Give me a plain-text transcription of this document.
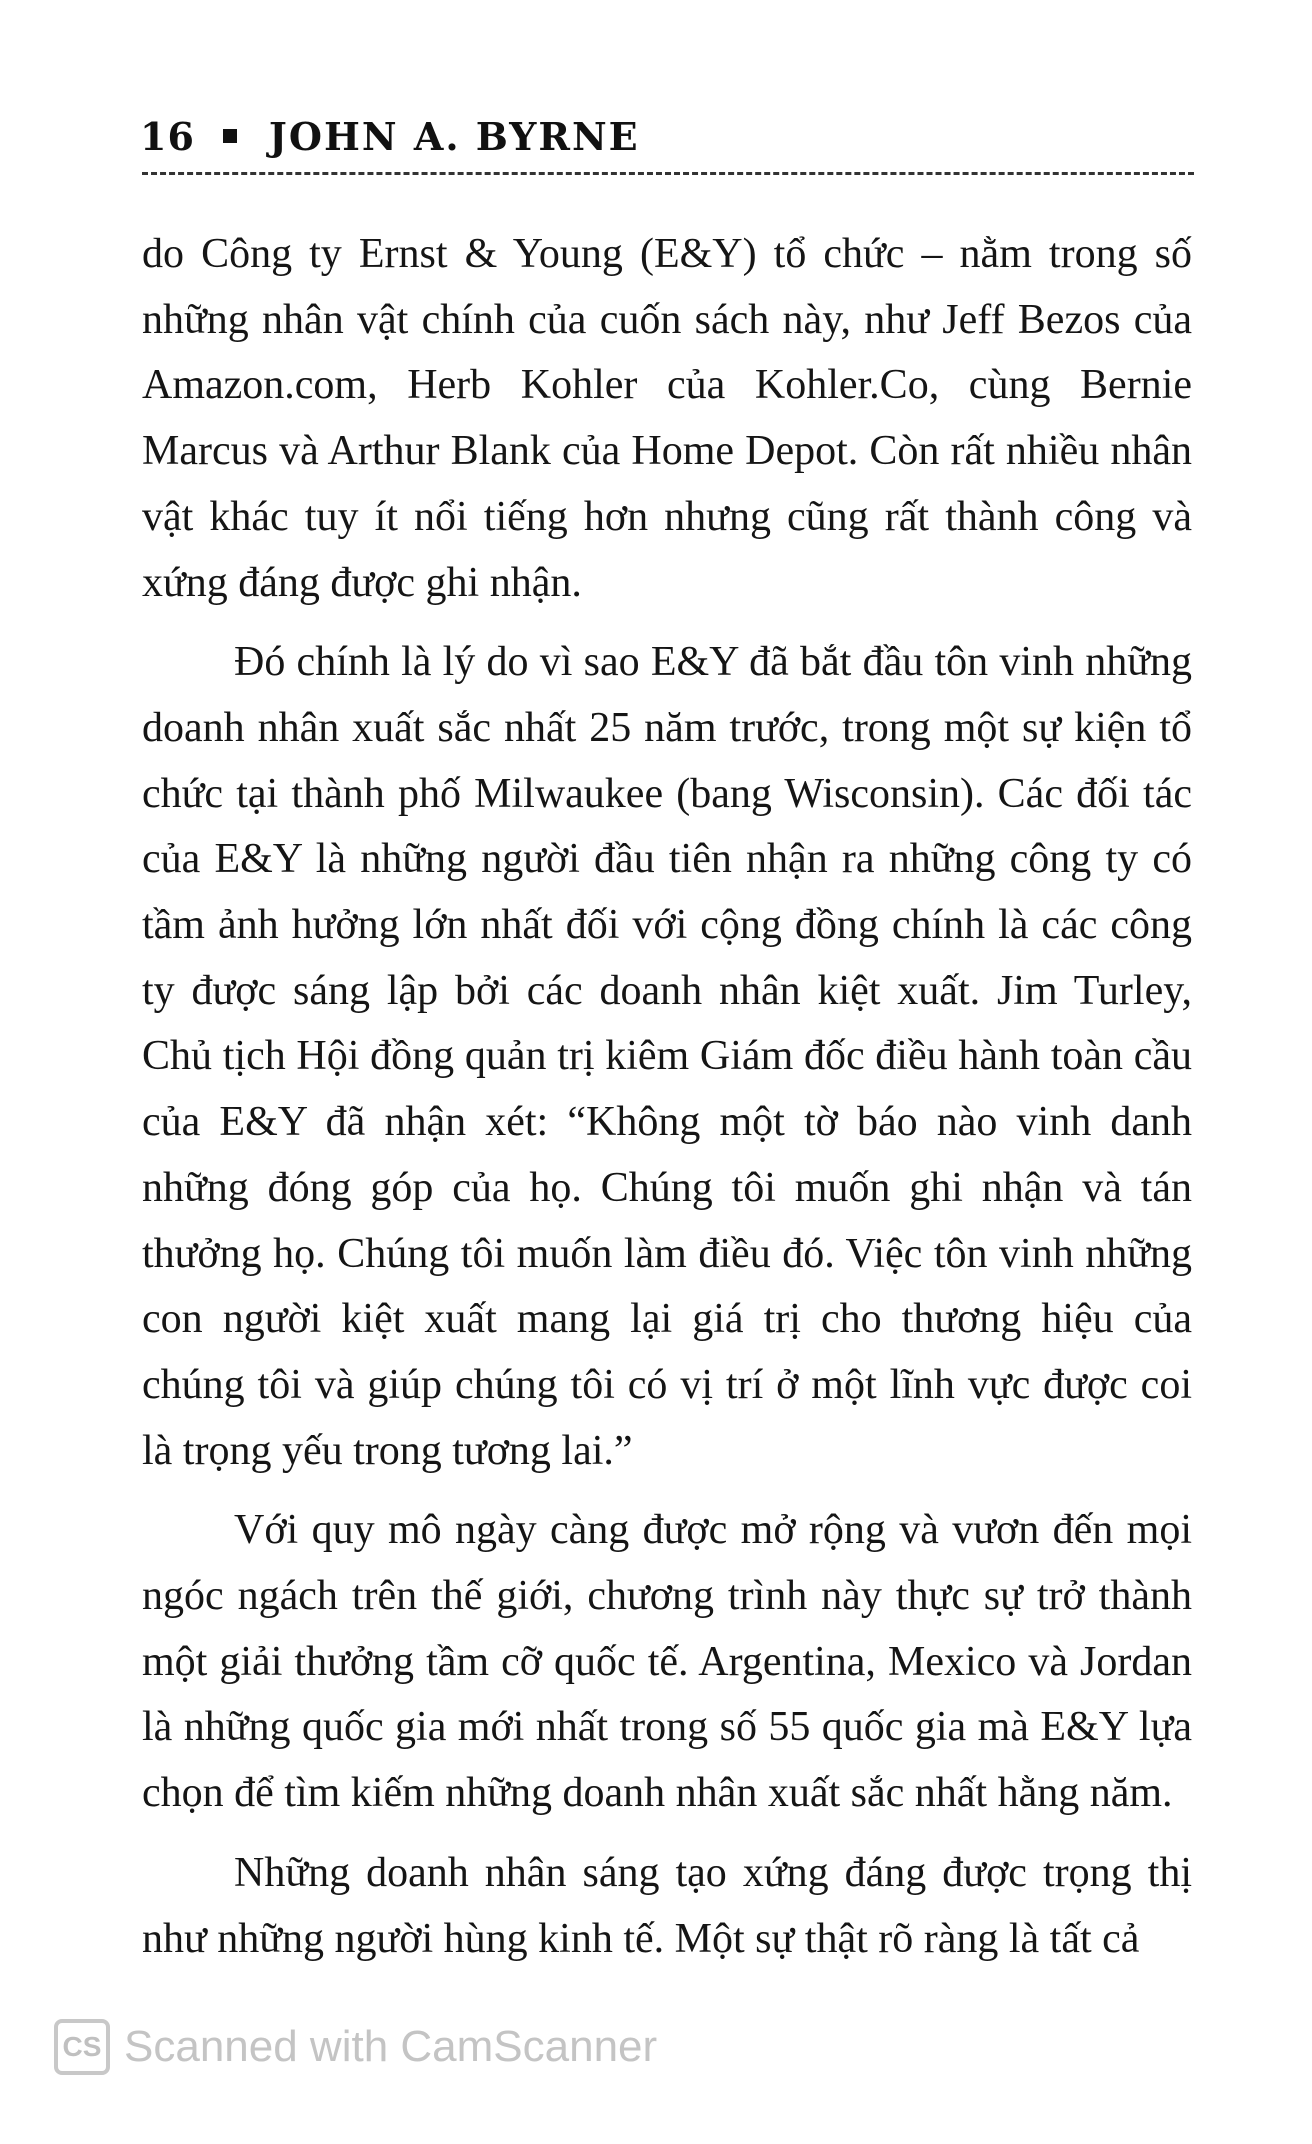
16 JOHN A. BYRNE

do Công ty Ernst & Young (E&Y) tổ chức – nằm trong số những nhân vật chính của cuốn sách này, như Jeff Bezos của Amazon.com, Herb Kohler của Kohler.Co, cùng Bernie Marcus và Arthur Blank của Home Depot. Còn rất nhiều nhân vật khác tuy ít nổi tiếng hơn nhưng cũng rất thành công và xứng đáng được ghi nhận.

Đó chính là lý do vì sao E&Y đã bắt đầu tôn vinh những doanh nhân xuất sắc nhất 25 năm trước, trong một sự kiện tổ chức tại thành phố Milwaukee (bang Wisconsin). Các đối tác của E&Y là những người đầu tiên nhận ra những công ty có tầm ảnh hưởng lớn nhất đối với cộng đồng chính là các công ty được sáng lập bởi các doanh nhân kiệt xuất. Jim Turley, Chủ tịch Hội đồng quản trị kiêm Giám đốc điều hành toàn cầu của E&Y đã nhận xét: “Không một tờ báo nào vinh danh những đóng góp của họ. Chúng tôi muốn ghi nhận và tán thưởng họ. Chúng tôi muốn làm điều đó. Việc tôn vinh những con người kiệt xuất mang lại giá trị cho thương hiệu của chúng tôi và giúp chúng tôi có vị trí ở một lĩnh vực được coi là trọng yếu trong tương lai.”

Với quy mô ngày càng được mở rộng và vươn đến mọi ngóc ngách trên thế giới, chương trình này thực sự trở thành một giải thưởng tầm cỡ quốc tế. Argentina, Mexico và Jordan là những quốc gia mới nhất trong số 55 quốc gia mà E&Y lựa chọn để tìm kiếm những doanh nhân xuất sắc nhất hằng năm.

Những doanh nhân sáng tạo xứng đáng được trọng thị như những người hùng kinh tế. Một sự thật rõ ràng là tất cả

CS Scanned with CamScanner
